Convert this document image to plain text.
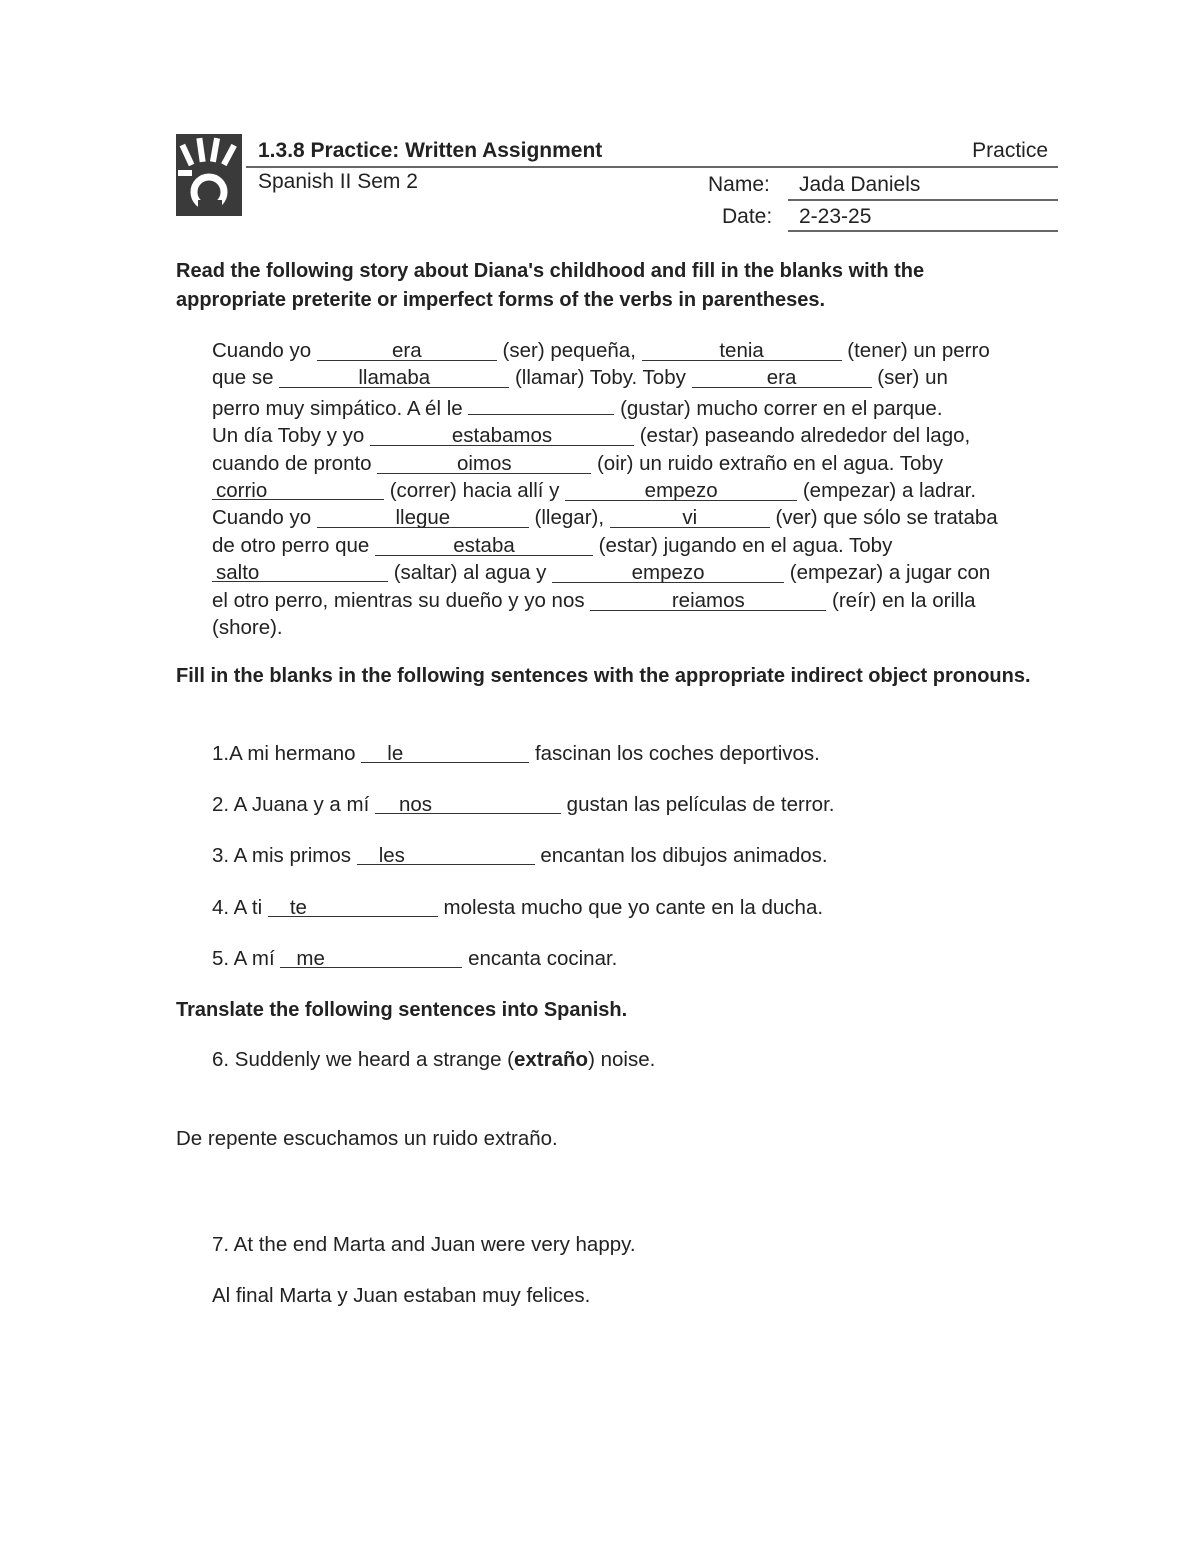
1.3.8 Practice: Written Assignment	Practice
Spanish II Sem 2	Name: Jada Daniels
Date: 2-23-25
Read the following story about Diana's childhood and fill in the blanks with the appropriate preterite or imperfect forms of the verbs in parentheses.
Cuando yo	era	(ser) pequeña,	tenia	(tener) un perro
que se	llamaba	(llamar) Toby. Toby	era	(ser) un
perro muy simpático. A él le	(gustar) mucho correr en el parque.
Un día Toby y yo	estabamos	(estar) paseando alrededor del lago,
cuando de pronto	oimos	(oir) un ruido extraño en el agua. Toby
corrio	(correr) hacia allí y	empezo	(empezar) a ladrar.
Cuando yo	llegue	(llegar),	vi	(ver) que sólo se trataba
de otro perro que	estaba	(estar) jugando en el agua. Toby
salto	(saltar) al agua y	empezo	(empezar) a jugar con
el otro perro, mientras su dueño y yo nos	reiamos	(reír) en la orilla
(shore).
Fill in the blanks in the following sentences with the appropriate indirect object pronouns.
1.A mi hermano le	fascinan los coches deportivos.
2. A Juana y a mí nos	gustan las películas de terror.
3. A mis primos les	encantan los dibujos animados.
4. A ti te	molesta mucho que yo cante en la ducha.
5. A mí me	encanta cocinar.
Translate the following sentences into Spanish.
6. Suddenly we heard a strange (extraño) noise.
De repente escuchamos un ruido extraño.
7. At the end Marta and Juan were very happy.
Al final Marta y Juan estaban muy felices.
